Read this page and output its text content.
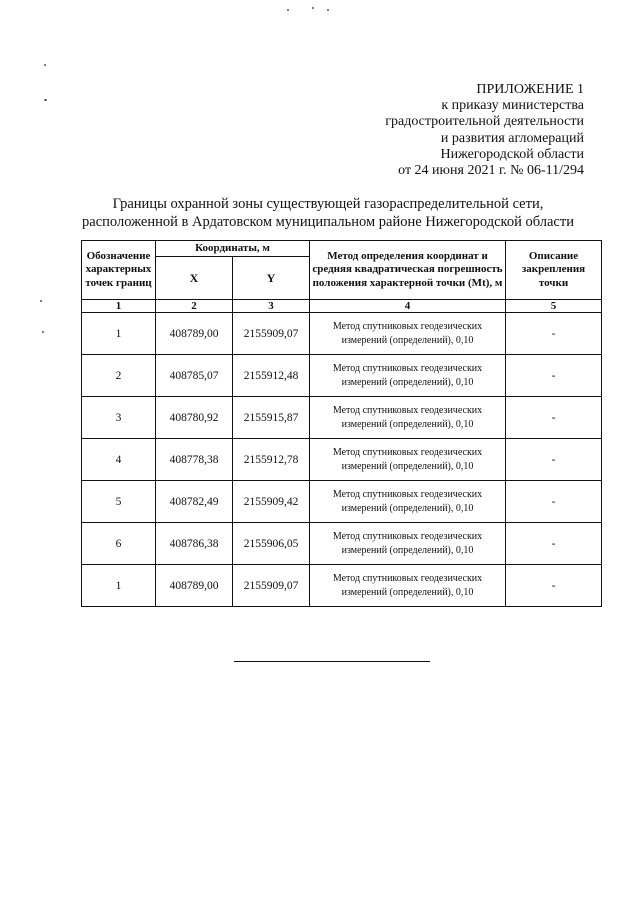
ПРИЛОЖЕНИЕ 1
к приказу министерства
градостроительной деятельности
и развития агломераций
Нижегородской области
от 24 июня 2021 г. № 06-11/294
Границы охранной зоны существующей газораспределительной сети,
расположенной в Ардатовском муниципальном районе Нижегородской области
Обозначение характерных точек границ	Координаты, м		Метод определения координат и средняя квадратическая погрешность положения характерной точки (Mt), м	Описание закрепления точки
	X	Y		
1	2	3	4	5
1	408789,00	2155909,07	Метод спутниковых геодезических измерений (определений), 0,10	-
2	408785,07	2155912,48	Метод спутниковых геодезических измерений (определений), 0,10	-
3	408780,92	2155915,87	Метод спутниковых геодезических измерений (определений), 0,10	-
4	408778,38	2155912,78	Метод спутниковых геодезических измерений (определений), 0,10	-
5	408782,49	2155909,42	Метод спутниковых геодезических измерений (определений), 0,10	-
6	408786,38	2155906,05	Метод спутниковых геодезических измерений (определений), 0,10	-
1	408789,00	2155909,07	Метод спутниковых геодезических измерений (определений), 0,10	-
